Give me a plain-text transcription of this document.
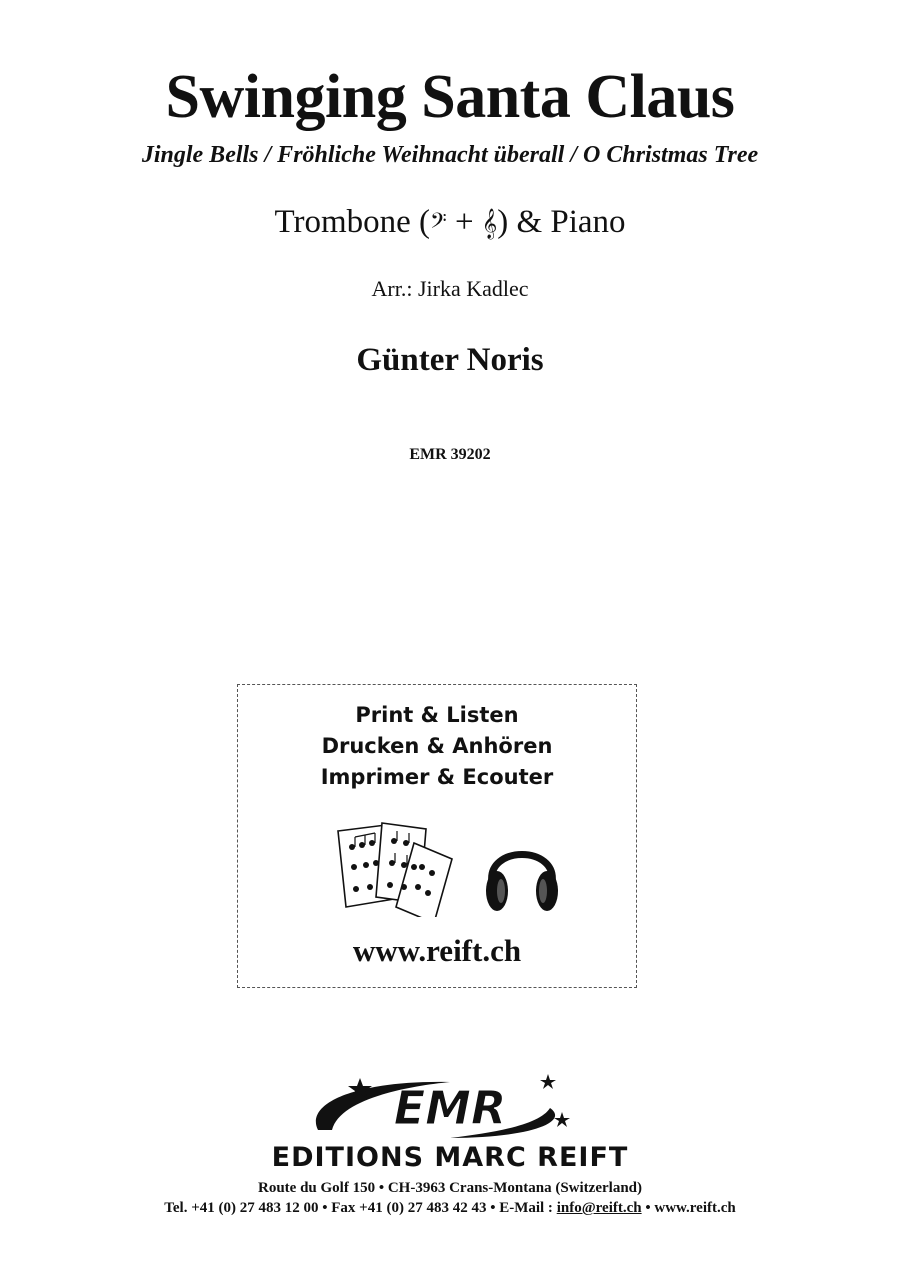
Swinging Santa Claus
Jingle Bells / Fröhliche Weihnacht überall / O Christmas Tree
Trombone (𝄢 + 𝄞) & Piano
Arr.: Jirka Kadlec
Günter Noris
EMR 39202
Print & Listen
Drucken & Anhören
Imprimer & Ecouter

www.reift.ch
EMR
EDITIONS MARC REIFT
Route du Golf 150 • CH-3963 Crans-Montana (Switzerland)
Tel. +41 (0) 27 483 12 00 • Fax +41 (0) 27 483 42 43 • E-Mail : info@reift.ch • www.reift.ch
